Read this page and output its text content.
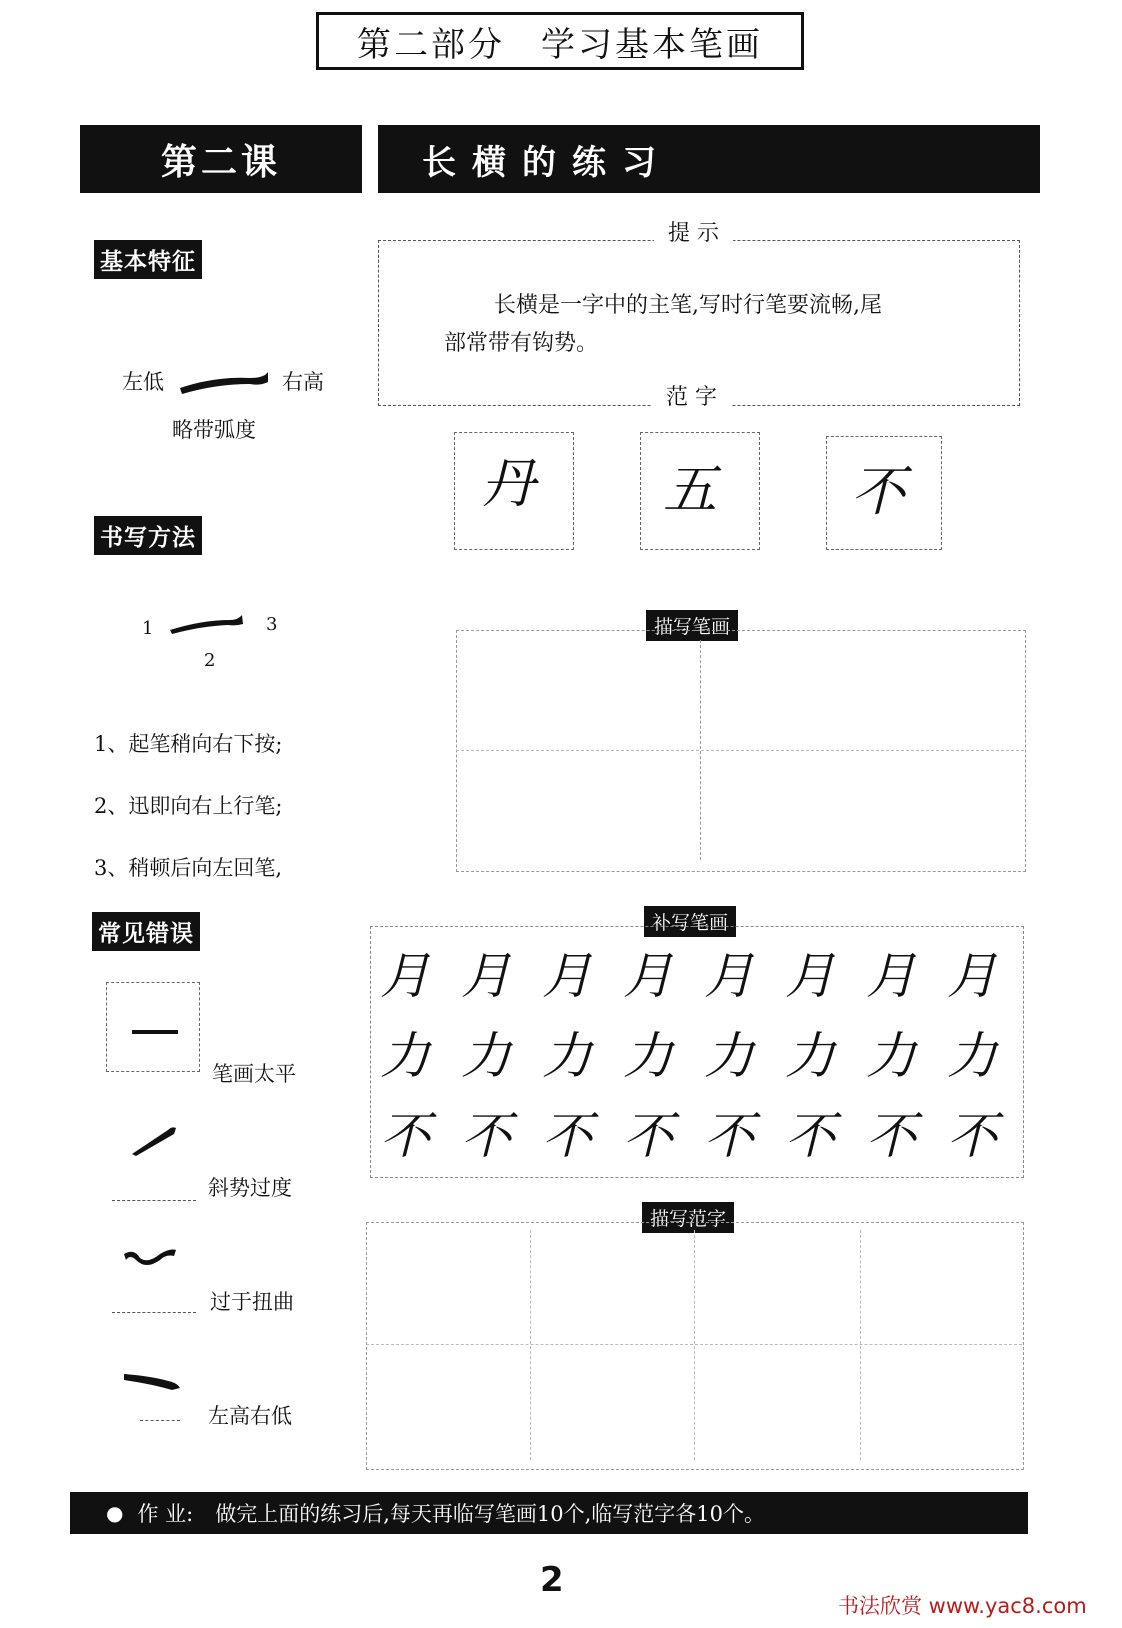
第二部分 学习基本笔画
第二课	长横的练习
基本特征
左低	右高
略带弧度
书写方法
1	3
2
1、起笔稍向右下按;
2、迅即向右上行笔;
3、稍顿后向左回笔,
常见错误
笔画太平
斜势过度
过于扭曲
左高右低
提 示
长横是一字中的主笔,写时行笔要流畅,尾
部常带有钩势。
范 字
丹 五 不
描写笔画
补写笔画
月 月 月 月 月 月 月 月
力 力 力 力 力 力 力 力
不 不 不 不 不 不 不 不
描写范字
● 作 业: 做完上面的练习后,每天再临写笔画10个,临写范字各10个。
2
书法欣赏 www.yac8.com
